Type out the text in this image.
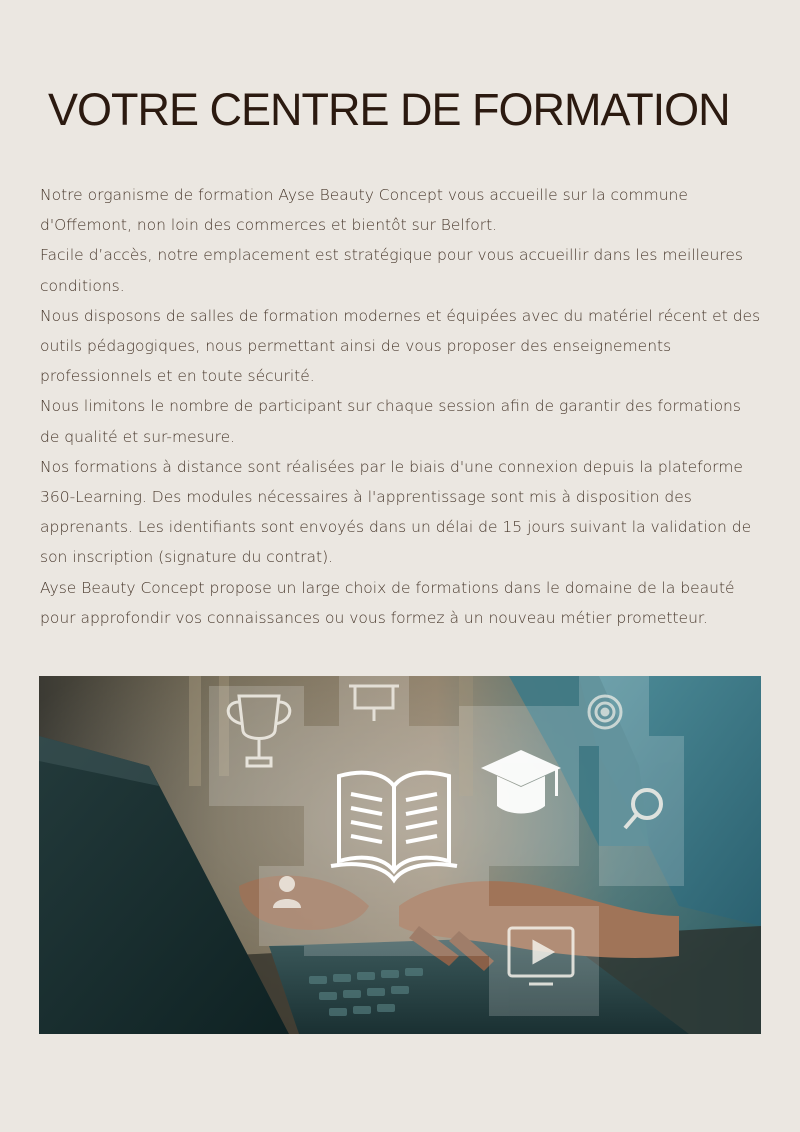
VOTRE CENTRE DE FORMATION

Notre organisme de formation Ayse Beauty Concept vous accueille sur la commune d'Offemont, non loin des commerces et bientôt sur Belfort.

Facile d’accès, notre emplacement est stratégique pour vous accueillir dans les meilleures conditions.

Nous disposons de salles de formation modernes et équipées avec du matériel récent et des outils pédagogiques, nous permettant ainsi de vous proposer des enseignements professionnels et en toute sécurité.

Nous limitons le nombre de participant sur chaque session afin de garantir des formations de qualité et sur-mesure.

Nos formations à distance sont réalisées par le biais d'une connexion depuis la plateforme 360-Learning. Des modules nécessaires à l'apprentissage sont mis à disposition des apprenants. Les identifiants sont envoyés dans un délai de 15 jours suivant la validation de son inscription (signature du contrat).

Ayse Beauty Concept propose un large choix de formations dans le domaine de la beauté pour approfondir vos connaissances ou vous formez à un nouveau métier prometteur.
